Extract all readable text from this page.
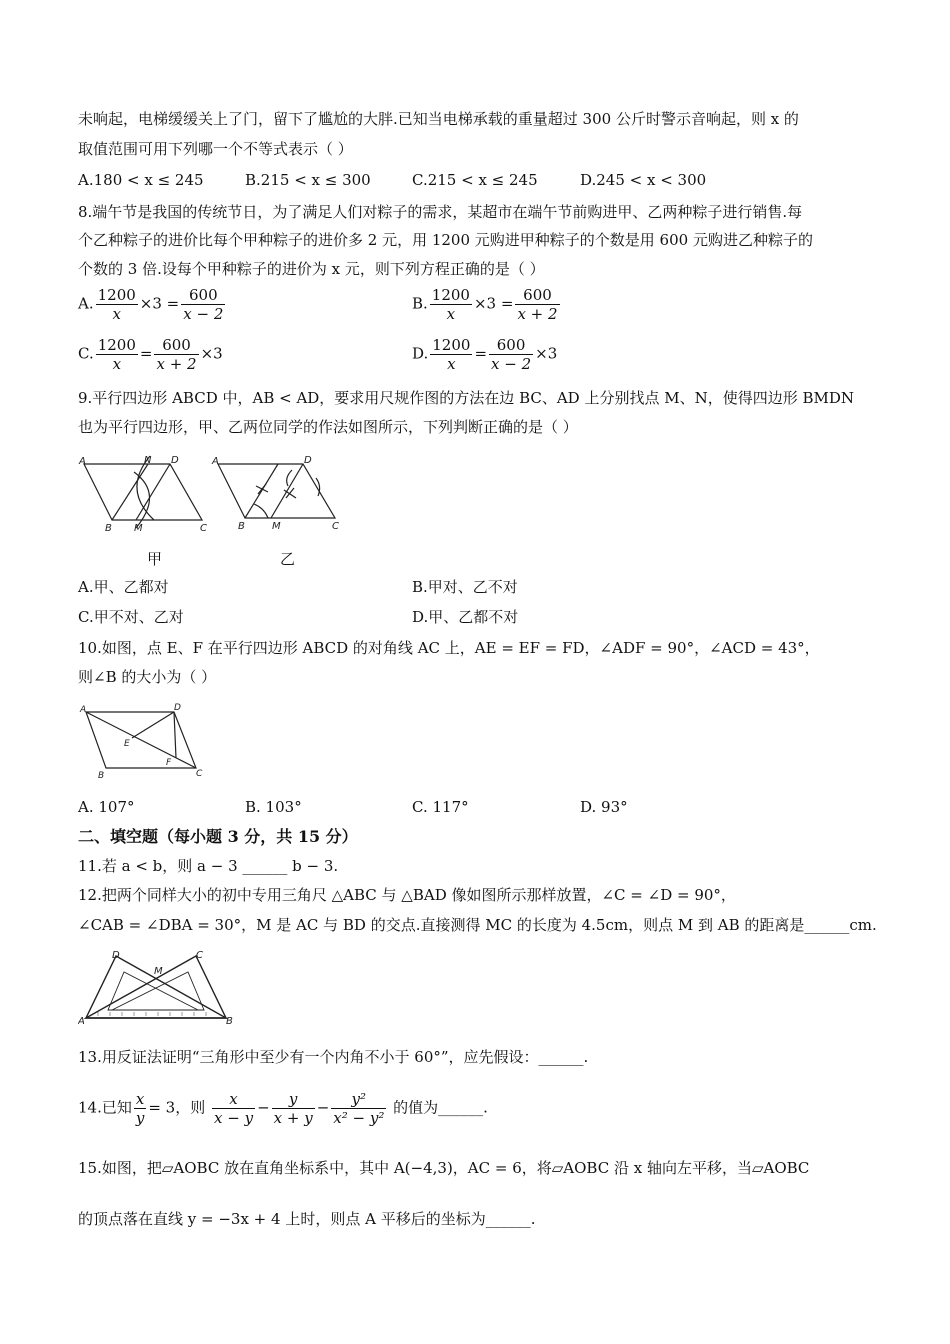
未响起，电梯缓缓关上了门，留下了尴尬的大胖.已知当电梯承载的重量超过 300 公斤时警示音响起，则 x 的
取值范围可用下列哪一个不等式表示（ ）
A.180 < x ≤ 245	B.215 < x ≤ 300	C.215 < x ≤ 245	D.245 < x < 300
8.端午节是我国的传统节日，为了满足人们对粽子的需求，某超市在端午节前购进甲、乙两种粽子进行销售.每
个乙种粽子的进价比每个甲种粽子的进价多 2 元，用 1200 元购进甲种粽子的个数是用 600 元购进乙种粽子的
个数的 3 倍.设每个甲种粽子的进价为 x 元，则下列方程正确的是（ ）
A. $\frac{1200}{x} \times 3 = \frac{600}{x - 2}$	B. $\frac{1200}{x} \times 3 = \frac{600}{x + 2}$
C. $\frac{1200}{x} = \frac{600}{x + 2} \times 3$	D. $\frac{1200}{x} = \frac{600}{x - 2} \times 3$
9.平行四边形 ABCD 中，AB < AD，要求用尺规作图的方法在边 BC、AD 上分别找点 M、N，使得四边形 BMDN
也为平行四边形，甲、乙两位同学的作法如图所示，下列判断正确的是（ ）
A	N D
B M	C
A	D
B	M	C
甲	乙
A.甲、乙都对	B.甲对、乙不对
C.甲不对、乙对	D.甲、乙都不对
10.如图，点 E、F 在平行四边形 ABCD 的对角线 AC 上，AE = EF = FD，∠ADF = 90°，∠ACD = 43°，
则∠B 的大小为（ ）
A	D
E
F
B	C
A. 107°	B. 103°	C. 117°	D. 93°
二、填空题（每小题 3 分，共 15 分）
11.若 a < b，则 a − 3 ______ b − 3.
12.把两个同样大小的初中专用三角尺 △ABC 与 △BAD 像如图所示那样放置，∠C = ∠D = 90°，
∠CAB = ∠DBA = 30°，M 是 AC 与 BD 的交点.直接测得 MC 的长度为 4.5cm，则点 M 到 AB 的距离是______cm.
A	B
D	C
M
13.用反证法证明“三角形中至少有一个内角不小于 60°”，应先假设：______.
14.已知 $\frac{x}{y} = 3$，则 $\frac{x}{x - y} - \frac{y}{x + y} - \frac{\text{y²}}{\text{x² − y²}}$ 的值为______.
15.如图，把▱AOBC 放在直角坐标系中，其中 A(−4,3)，AC = 6，将▱AOBC 沿 x 轴向左平移，当▱AOBC
的顶点落在直线 y = −3x + 4 上时，则点 A 平移后的坐标为______.
